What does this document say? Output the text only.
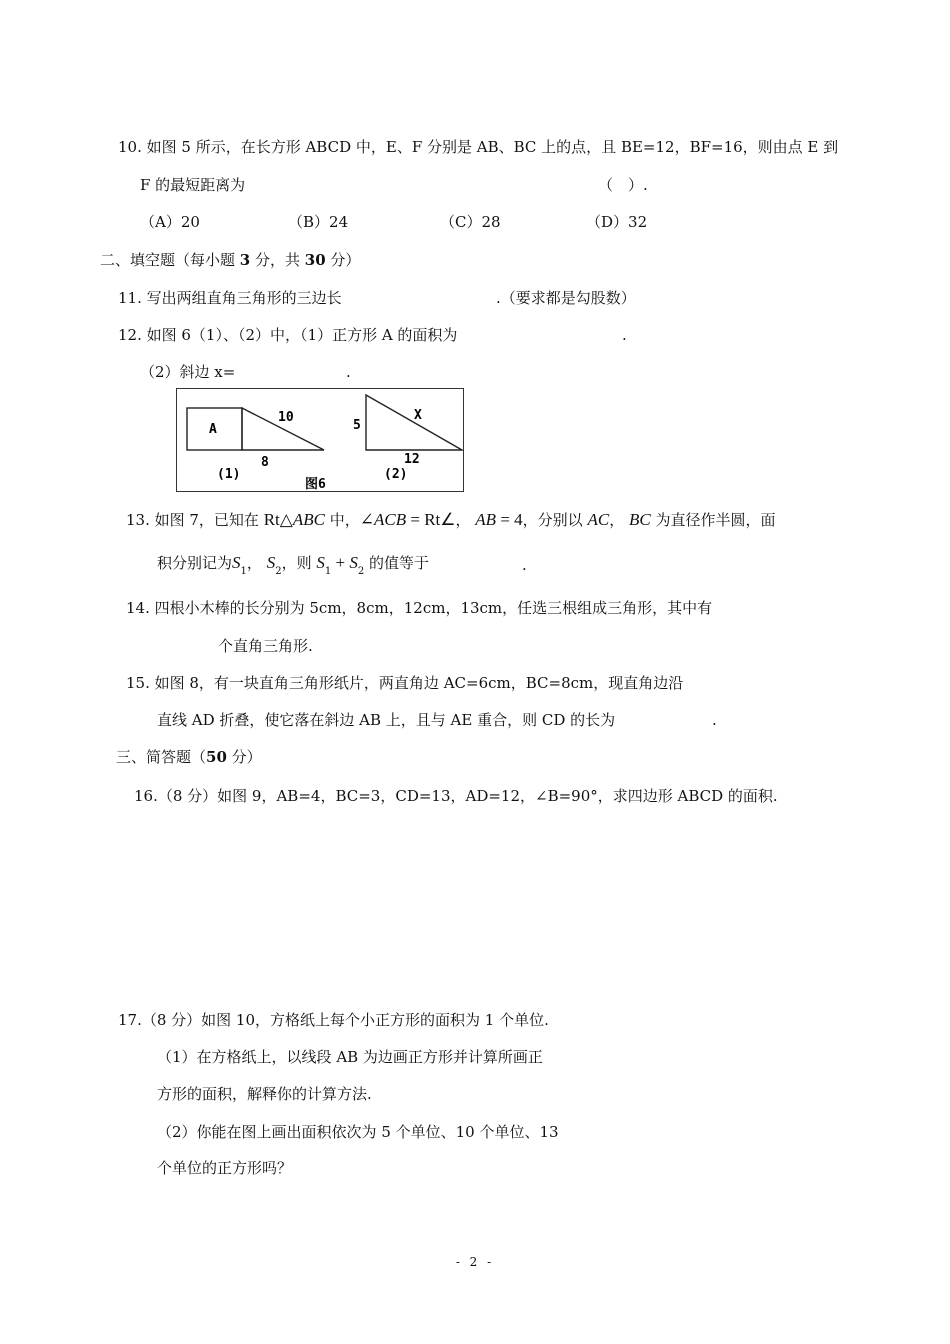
10. 如图 5 所示，在长方形 ABCD 中，E、F 分别是 AB、BC 上的点，且 BE=12，BF=16，则由点 E 到
F 的最短距离为	（　）.
（A）20	（B）24	（C）28	（D）32
二、填空题（每小题 3 分，共 30 分）
11. 写出两组直角三角形的三边长	.（要求都是勾股数）
12. 如图 6（1）、（2）中，（1）正方形 A 的面积为	.
（2）斜边 x=	.
A
10
8
(1)
5
X
12
(2)
图6
13. 如图 7，已知在 Rt△ABC 中，∠ACB = Rt∠， AB = 4，分别以 AC， BC 为直径作半圆，面
积分别记为$S_1$， $S_2$，则 $S_1 + S_2$ 的值等于	.
14. 四根小木棒的长分别为 5cm，8cm，12cm，13cm，任选三根组成三角形，其中有
个直角三角形.
15. 如图 8，有一块直角三角形纸片，两直角边 AC=6cm，BC=8cm，现直角边沿
直线 AD 折叠，使它落在斜边 AB 上，且与 AE 重合，则 CD 的长为	.
三、简答题（50 分）
16.（8 分）如图 9，AB=4，BC=3，CD=13，AD=12，∠B=90°，求四边形 ABCD 的面积.
17.（8 分）如图 10，方格纸上每个小正方形的面积为 1 个单位.
（1）在方格纸上，以线段 AB 为边画正方形并计算所画正
方形的面积，解释你的计算方法.
（2）你能在图上画出面积依次为 5 个单位、10 个单位、13
个单位的正方形吗？
- 2 -
